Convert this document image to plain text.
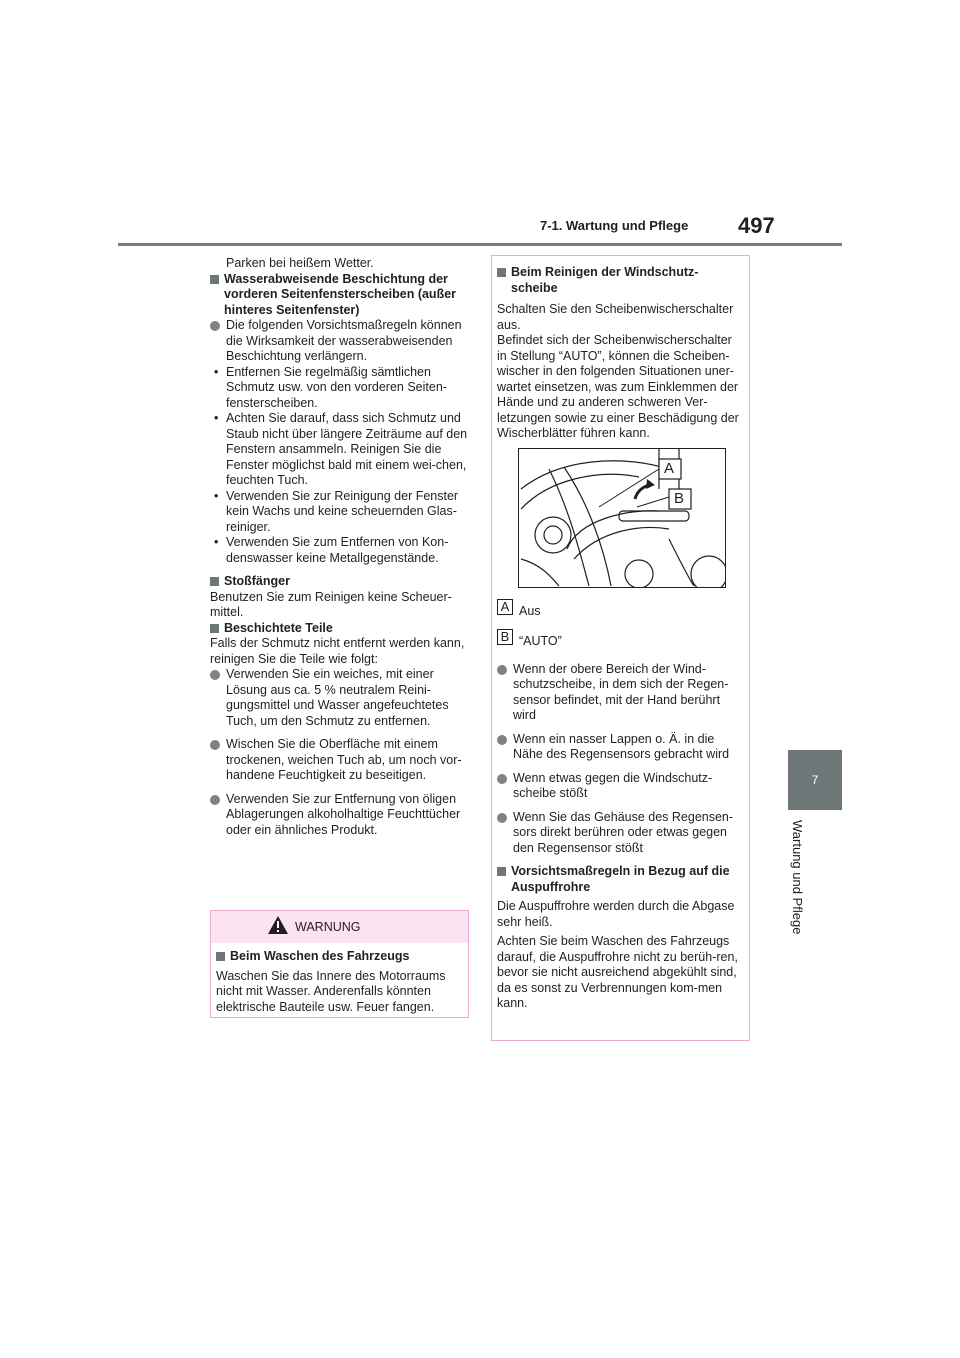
7-1. Wartung und Pflege 497
7
Wartung und Pflege

Parken bei heißem Wetter.

Wasserabweisende Beschichtung der vorderen Seitenfensterscheiben (außer hinteres Seitenfenster)

Die folgenden Vorsichtsmaßregeln können die Wirksamkeit der wasserabweisenden Beschichtung verlängern.

• Entfernen Sie regelmäßig sämtlichen Schmutz usw. von den vorderen Seiten-fensterscheiben.
• Achten Sie darauf, dass sich Schmutz und Staub nicht über längere Zeiträume auf den Fenstern ansammeln. Reinigen Sie die Fenster möglichst bald mit einem wei-chen, feuchten Tuch.
• Verwenden Sie zur Reinigung der Fenster kein Wachs und keine scheuernden Glas-reiniger.
• Verwenden Sie zum Entfernen von Kon-denswasser keine Metallgegenstände.

Stoßfänger

Benutzen Sie zum Reinigen keine Scheuer-mittel.

Beschichtete Teile

Falls der Schmutz nicht entfernt werden kann, reinigen Sie die Teile wie folgt:

Verwenden Sie ein weiches, mit einer Lösung aus ca. 5 % neutralem Reini-gungsmittel und Wasser angefeuchtetes Tuch, um den Schmutz zu entfernen.

Wischen Sie die Oberfläche mit einem trockenen, weichen Tuch ab, um noch vor-handene Feuchtigkeit zu beseitigen.

Verwenden Sie zur Entfernung von öligen Ablagerungen alkoholhaltige Feuchttücher oder ein ähnliches Produkt.

WARNUNG

Beim Waschen des Fahrzeugs

Waschen Sie das Innere des Motorraums nicht mit Wasser. Anderenfalls könnten elektrische Bauteile usw. Feuer fangen.

Beim Reinigen der Windschutz-scheibe

Schalten Sie den Scheibenwischerschalter aus.

Befindet sich der Scheibenwischerschalter in Stellung “AUTO”, können die Scheiben-wischer in den folgenden Situationen uner-wartet einsetzen, was zum Einklemmen der Hände und zu anderen schweren Ver-letzungen sowie zu einer Beschädigung der Wischerblätter führen kann.

A
B
A Aus
B “AUTO”

Wenn der obere Bereich der Wind-schutzscheibe, in dem sich der Regen-sensor befindet, mit der Hand berührt wird

Wenn ein nasser Lappen o. Ä. in die Nähe des Regensensors gebracht wird

Wenn etwas gegen die Windschutz-scheibe stößt

Wenn Sie das Gehäuse des Regensen-sors direkt berühren oder etwas gegen den Regensensor stößt

Vorsichtsmaßregeln in Bezug auf die Auspuffrohre

Die Auspuffrohre werden durch die Abgase sehr heiß.

Achten Sie beim Waschen des Fahrzeugs darauf, die Auspuffrohre nicht zu berüh-ren, bevor sie nicht ausreichend abgekühlt sind, da es sonst zu Verbrennungen kom-men kann.
